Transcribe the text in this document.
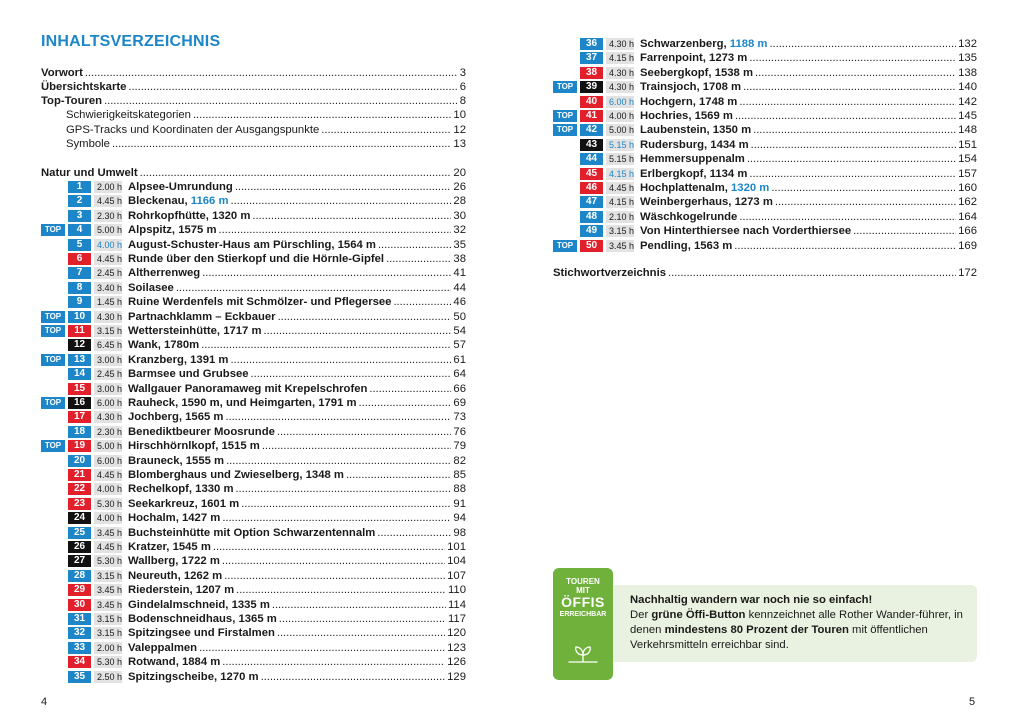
INHALTSVERZEICHNIS
Vorwort . . .	3
Übersichtskarte . . .	6
Top-Touren . . .	8
Schwierigkeitskategorien . . .	10
GPS-Tracks und Koordinaten der Ausgangspunkte . . .	12
Symbole . . .	13
Natur und Umwelt . . .	20
1	2.00 h Alpsee-Umrundung . . .	26
2	4.45 h Bleckenau, 1166 m . . .	28
3	2.30 h Rohrkopfhütte, 1320 m . . .	30
TOP	4	5.00 h Alpspitz, 1575 m . . .	32
5	4.00 h August-Schuster-Haus am Pürschling, 1564 m . . .	35
6	4.45 h Runde über den Stierkopf und die Hörnle-Gipfel . . .	38
7	2.45 h Altherrenweg . . .	41
8	3.40 h Soilasee . . .	44
9	1.45 h Ruine Werdenfels mit Schmölzer- und Pflegersee . . .	46
TOP	10	4.30 h Partnachklamm – Eckbauer . . .	50
TOP	11	3.15 h Wettersteinhütte, 1717 m . . .	54
12	6.45 h Wank, 1780m . . .	57
TOP	13	3.00 h Kranzberg, 1391 m . . .	61
14	2.45 h Barmsee und Grubsee . . .	64
15	3.00 h Wallgauer Panoramaweg mit Krepelschrofen . . .	66
TOP	16	6.00 h Rauheck, 1590 m, und Heimgarten, 1791 m . . .	69
17	4.30 h Jochberg, 1565 m . . .	73
18	2.30 h Benediktbeurer Moosrunde . . .	76
TOP	19	5.00 h Hirschhörnlkopf, 1515 m . . .	79
20	6.00 h Brauneck, 1555 m . . .	82
21	4.45 h Blomberghaus und Zwieselberg, 1348 m . . .	85
22	4.00 h Rechelkopf, 1330 m . . .	88
23	5.30 h Seekarkreuz, 1601 m . . .	91
24	4.00 h Hochalm, 1427 m . . .	94
25	3.45 h Buchsteinhütte mit Option Schwarzentennalm . . .	98
26	4.45 h Kratzer, 1545 m . . .	101
27	5.30 h Wallberg, 1722 m . . .	104
28	3.15 h Neureuth, 1262 m . . .	107
29	3.45 h Riederstein, 1207 m . . .	110
30	3.45 h Gindelalmschneid, 1335 m . . .	114
31	3.15 h Bodenschneidhaus, 1365 m . . .	117
32	3.15 h Spitzingsee und Firstalmen . . .	120
33	2.00 h Valeppalmen . . .	123
34	5.30 h Rotwand, 1884 m . . .	126
35	2.50 h Spitzingscheibe, 1270 m . . .	129
36	4.30 h Schwarzenberg, 1188 m . . .	132
37	4.15 h Farrenpoint, 1273 m . . .	135
38	4.30 h Seebergkopf, 1538 m . . .	138
TOP	39	4.30 h Trainsjoch, 1708 m . . .	140
40	6.00 h Hochgern, 1748 m . . .	142
TOP	41	4.00 h Hochries, 1569 m . . .	145
TOP	42	5.00 h Laubenstein, 1350 m . . .	148
43	5.15 h Rudersburg, 1434 m . . .	151
44	5.15 h Hemmersuppenalm . . .	154
45	4.15 h Erlbergkopf, 1134 m . . .	157
46	4.45 h Hochplattenalm, 1320 m . . .	160
47	4.15 h Weinbergerhaus, 1273 m . . .	162
48	2.10 h Wäschkogelrunde . . .	164
49	3.15 h Von Hinterthiersee nach Vorderthiersee . . .	166
TOP	50	3.45 h Pendling, 1563 m . . .	169
Stichwortverzeichnis . . .	172
TOUREN
MIT
ÖFFIS
ERREICHBAR
Nachhaltig wandern war noch nie so einfach!
Der grüne Öffi-Button kennzeichnet alle Rother Wander-führer, in denen mindestens 80 Prozent der Touren mit öffentlichen Verkehrsmitteln erreichbar sind.
4	5
